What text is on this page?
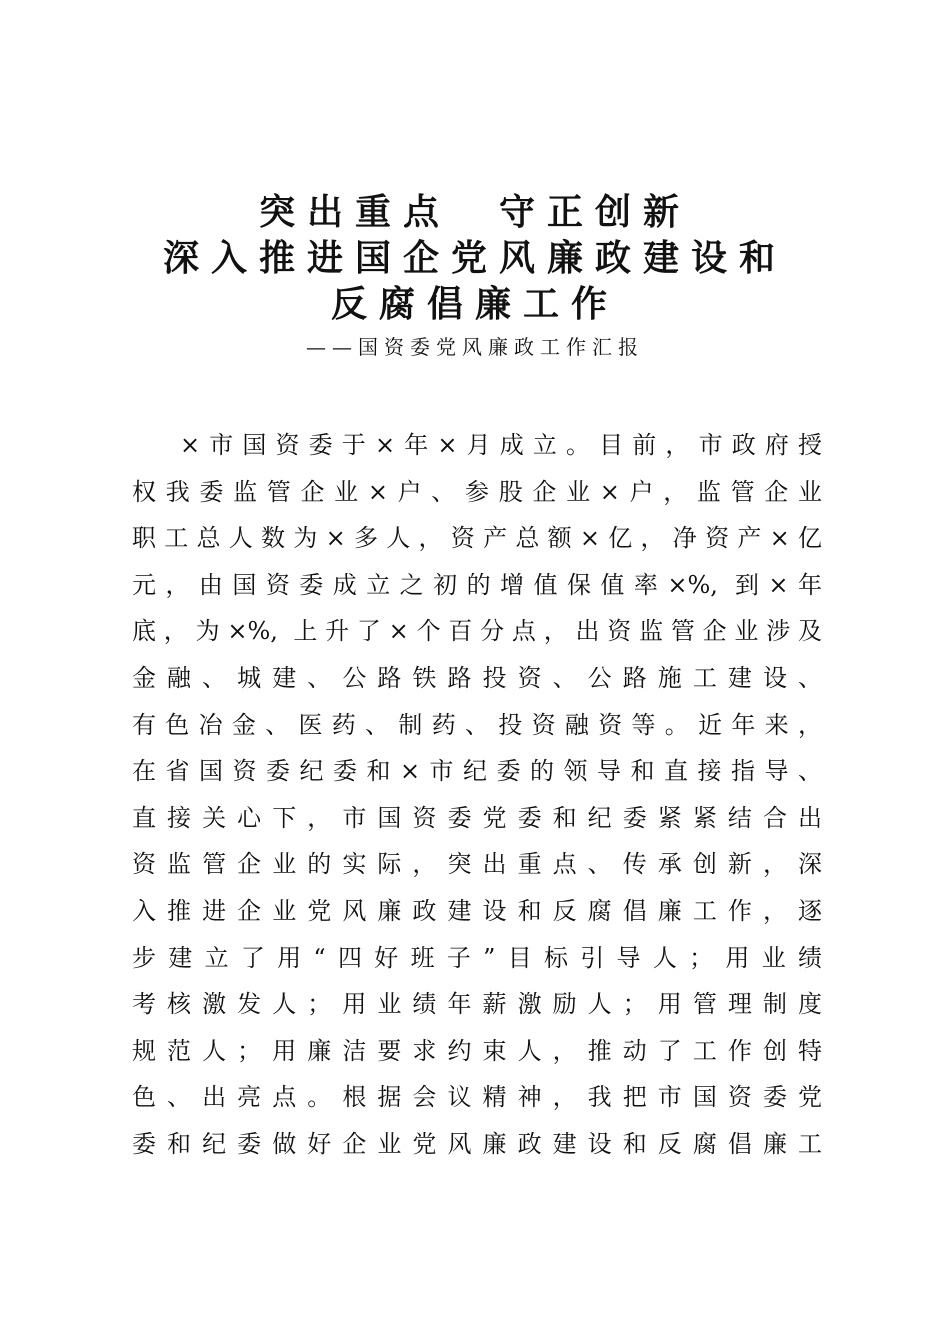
突出重点　守正创新
深入推进国企党风廉政建设和
反腐倡廉工作
——国资委党风廉政工作汇报
×市国资委于×年×月成立。目前，市政府授
权我委监管企业×户、参股企业×户，监管企业
职工总人数为×多人，资产总额×亿，净资产×亿
元，由国资委成立之初的增值保值率×%, 到×年
底，为×%, 上升了×个百分点，出资监管企业涉及
金融、城建、公路铁路投资、公路施工建设、
有色冶金、医药、制药、投资融资等。近年来，
在省国资委纪委和×市纪委的领导和直接指导、
直接关心下，市国资委党委和纪委紧紧结合出
资监管企业的实际，突出重点、传承创新，深
入推进企业党风廉政建设和反腐倡廉工作，逐
步建立了用“四好班子”目标引导人；用业绩
考核激发人；用业绩年薪激励人；用管理制度
规范人；用廉洁要求约束人，推动了工作创特
色、出亮点。根据会议精神，我把市国资委党
委和纪委做好企业党风廉政建设和反腐倡廉工
